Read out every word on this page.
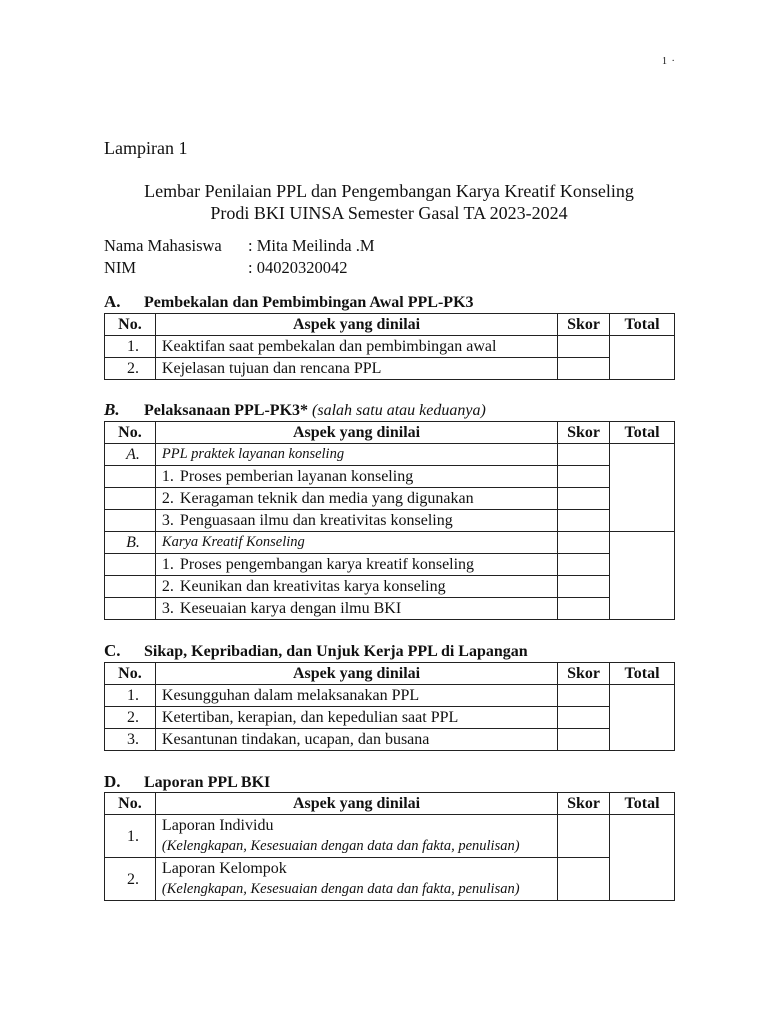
1 ·
Lampiran 1
Lembar Penilaian PPL dan Pengembangan Karya Kreatif Konseling
Prodi BKI UINSA Semester Gasal TA 2023-2024
Nama Mahasiswa : Mita Meilinda .M
NIM	: 04020320042
A. Pembekalan dan Pembimbingan Awal PPL-PK3
No.	Aspek yang dinilai	Skor	Total
1.	Keaktifan saat pembekalan dan pembimbingan awal		
2.	Kejelasan tujuan dan rencana PPL		
B. Pelaksanaan PPL-PK3* (salah satu atau keduanya)
No.	Aspek yang dinilai	Skor	Total
A.	PPL praktek layanan konseling		
	1. Proses pemberian layanan konseling		
	2. Keragaman teknik dan media yang digunakan		
	3. Penguasaan ilmu dan kreativitas konseling		
B.	Karya Kreatif Konseling		
	1. Proses pengembangan karya kreatif konseling		
	2. Keunikan dan kreativitas karya konseling		
	3. Keseuaian karya dengan ilmu BKI		
C. Sikap, Kepribadian, dan Unjuk Kerja PPL di Lapangan
No.	Aspek yang dinilai	Skor	Total
1.	Kesungguhan dalam melaksanakan PPL		
2.	Ketertiban, kerapian, dan kepedulian saat PPL		
3.	Kesantunan tindakan, ucapan, dan busana		
D. Laporan PPL BKI
No.	Aspek yang dinilai	Skor	Total
1.	Laporan Individu
(Kelengkapan, Kesesuaian dengan data dan fakta, penulisan)		

2.	Laporan Kelompok
(Kelengkapan, Kesesuaian dengan data dan fakta, penulisan)		
